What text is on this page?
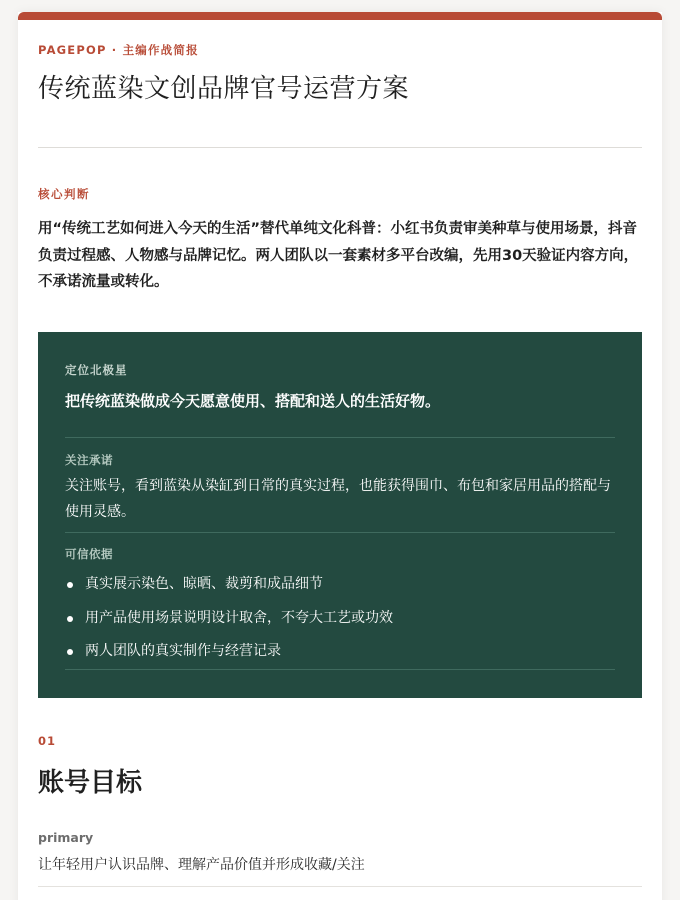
PAGEPOP · 主编作战简报
传统蓝染文创品牌官号运营方案
核心判断

用“传统工艺如何进入今天的生活”替代单纯文化科普：小红书负责审美种草与使用场景，抖音负责过程感、人物感与品牌记忆。两人团队以一套素材多平台改编，先用30天验证内容方向，不承诺流量或转化。

定位北极星
把传统蓝染做成今天愿意使用、搭配和送人的生活好物。
关注承诺

关注账号，看到蓝染从染缸到日常的真实过程，也能获得围巾、布包和家居用品的搭配与使用灵感。

可信依据
真实展示染色、晾晒、裁剪和成品细节
用产品使用场景说明设计取舍，不夸大工艺或功效
两人团队的真实制作与经营记录
01
账号目标
primary
让年轻用户认识品牌、理解产品价值并形成收藏/关注
